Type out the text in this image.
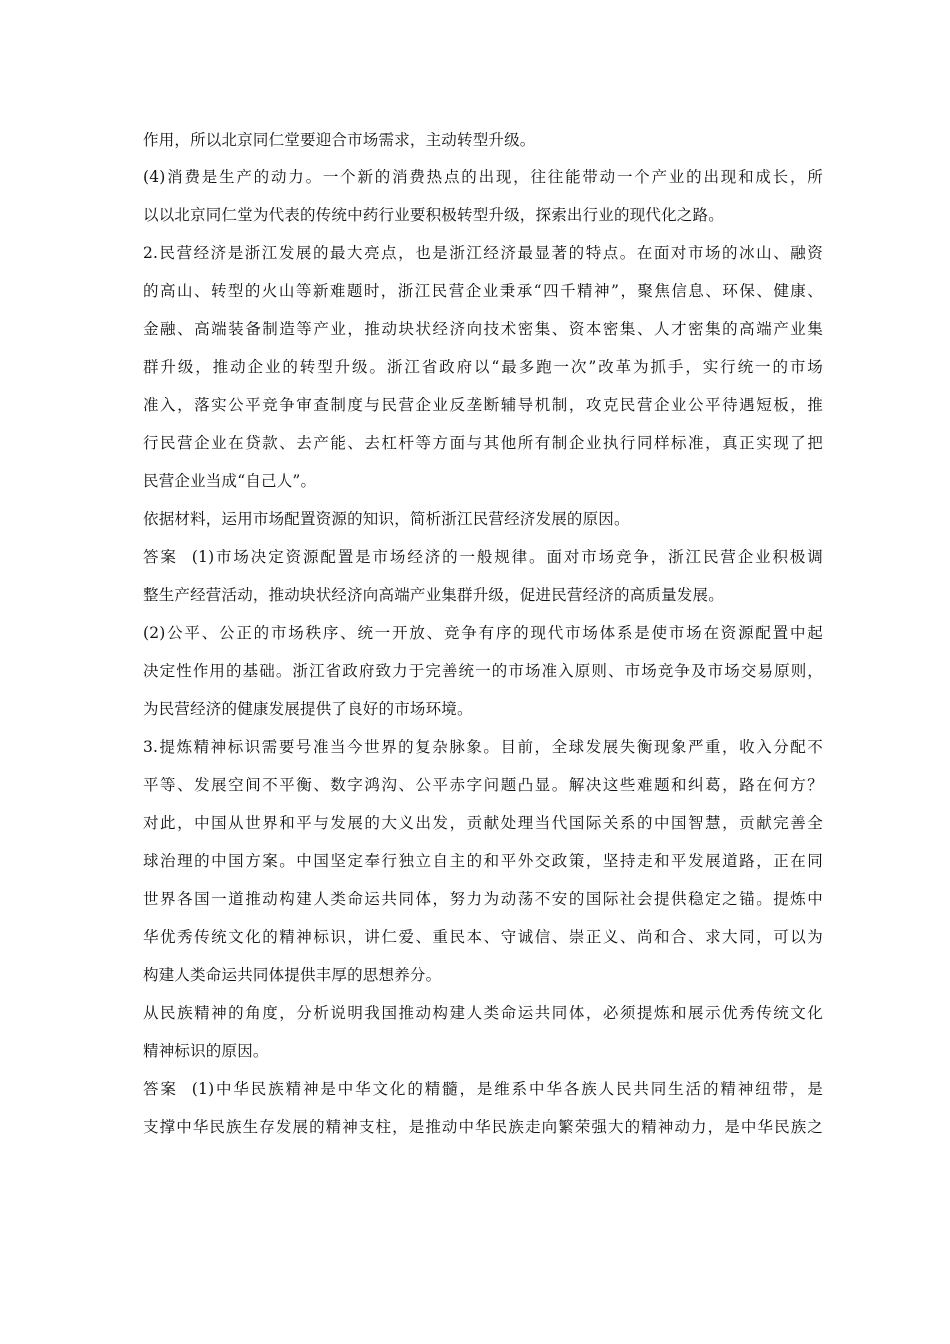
作用，所以北京同仁堂要迎合市场需求，主动转型升级。
(4)消费是生产的动力。一个新的消费热点的出现，往往能带动一个产业的出现和成长，所
以以北京同仁堂为代表的传统中药行业要积极转型升级，探索出行业的现代化之路。
2.民营经济是浙江发展的最大亮点，也是浙江经济最显著的特点。在面对市场的冰山、融资
的高山、转型的火山等新难题时，浙江民营企业秉承“四千精神”，聚焦信息、环保、健康、
金融、高端装备制造等产业，推动块状经济向技术密集、资本密集、人才密集的高端产业集
群升级，推动企业的转型升级。浙江省政府以“最多跑一次”改革为抓手，实行统一的市场
准入，落实公平竞争审查制度与民营企业反垄断辅导机制，攻克民营企业公平待遇短板，推
行民营企业在贷款、去产能、去杠杆等方面与其他所有制企业执行同样标准，真正实现了把
民营企业当成“自己人”。
依据材料，运用市场配置资源的知识，简析浙江民营经济发展的原因。
答案 (1)市场决定资源配置是市场经济的一般规律。面对市场竞争，浙江民营企业积极调
整生产经营活动，推动块状经济向高端产业集群升级，促进民营经济的高质量发展。
(2)公平、公正的市场秩序、统一开放、竞争有序的现代市场体系是使市场在资源配置中起
决定性作用的基础。浙江省政府致力于完善统一的市场准入原则、市场竞争及市场交易原则，
为民营经济的健康发展提供了良好的市场环境。
3.提炼精神标识需要号准当今世界的复杂脉象。目前，全球发展失衡现象严重，收入分配不
平等、发展空间不平衡、数字鸿沟、公平赤字问题凸显。解决这些难题和纠葛，路在何方？
对此，中国从世界和平与发展的大义出发，贡献处理当代国际关系的中国智慧，贡献完善全
球治理的中国方案。中国坚定奉行独立自主的和平外交政策，坚持走和平发展道路，正在同
世界各国一道推动构建人类命运共同体，努力为动荡不安的国际社会提供稳定之锚。提炼中
华优秀传统文化的精神标识，讲仁爱、重民本、守诚信、崇正义、尚和合、求大同，可以为
构建人类命运共同体提供丰厚的思想养分。
从民族精神的角度，分析说明我国推动构建人类命运共同体，必须提炼和展示优秀传统文化
精神标识的原因。
答案 (1)中华民族精神是中华文化的精髓，是维系中华各族人民共同生活的精神纽带，是
支撑中华民族生存发展的精神支柱，是推动中华民族走向繁荣强大的精神动力，是中华民族之
